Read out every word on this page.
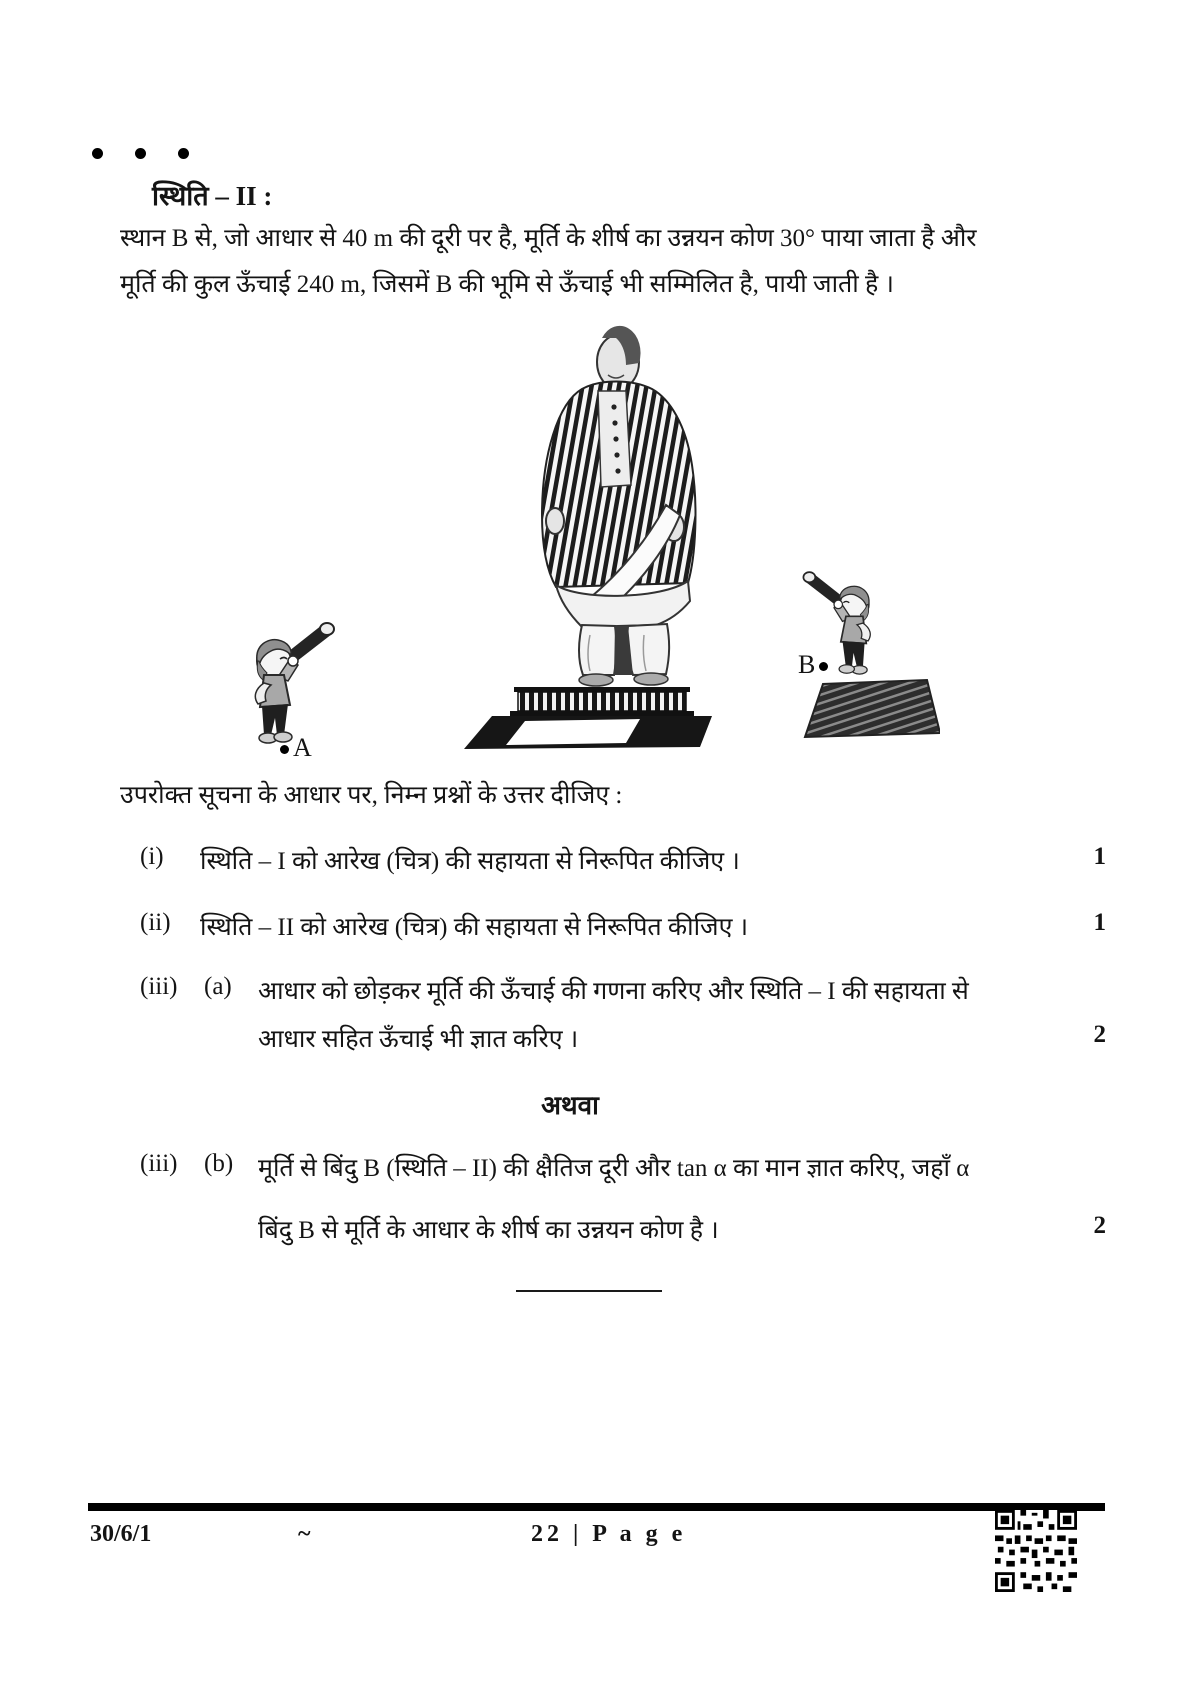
स्थिति – II :
स्थान B से, जो आधार से 40 m की दूरी पर है, मूर्ति के शीर्ष का उन्नयन कोण 30° पाया जाता है और
मूर्ति की कुल ऊँचाई 240 m, जिसमें B की भूमि से ऊँचाई भी सम्मिलित है, पायी जाती है ।
A
B
उपरोक्त सूचना के आधार पर, निम्न प्रश्नों के उत्तर दीजिए :
(i)	स्थिति – I को आरेख (चित्र) की सहायता से निरूपित कीजिए ।	1
(ii)	स्थिति – II को आरेख (चित्र) की सहायता से निरूपित कीजिए ।	1
(iii)	(a)	आधार को छोड़कर मूर्ति की ऊँचाई की गणना करिए और स्थिति – I की सहायता से
आधार सहित ऊँचाई भी ज्ञात करिए ।	2
अथवा
(iii)	(b) मूर्ति से बिंदु B (स्थिति – II) की क्षैतिज दूरी और tan α का मान ज्ञात करिए, जहाँ α
बिंदु B से मूर्ति के आधार के शीर्ष का उन्नयन कोण है ।	2
30/6/1	~	22 | P a g e
